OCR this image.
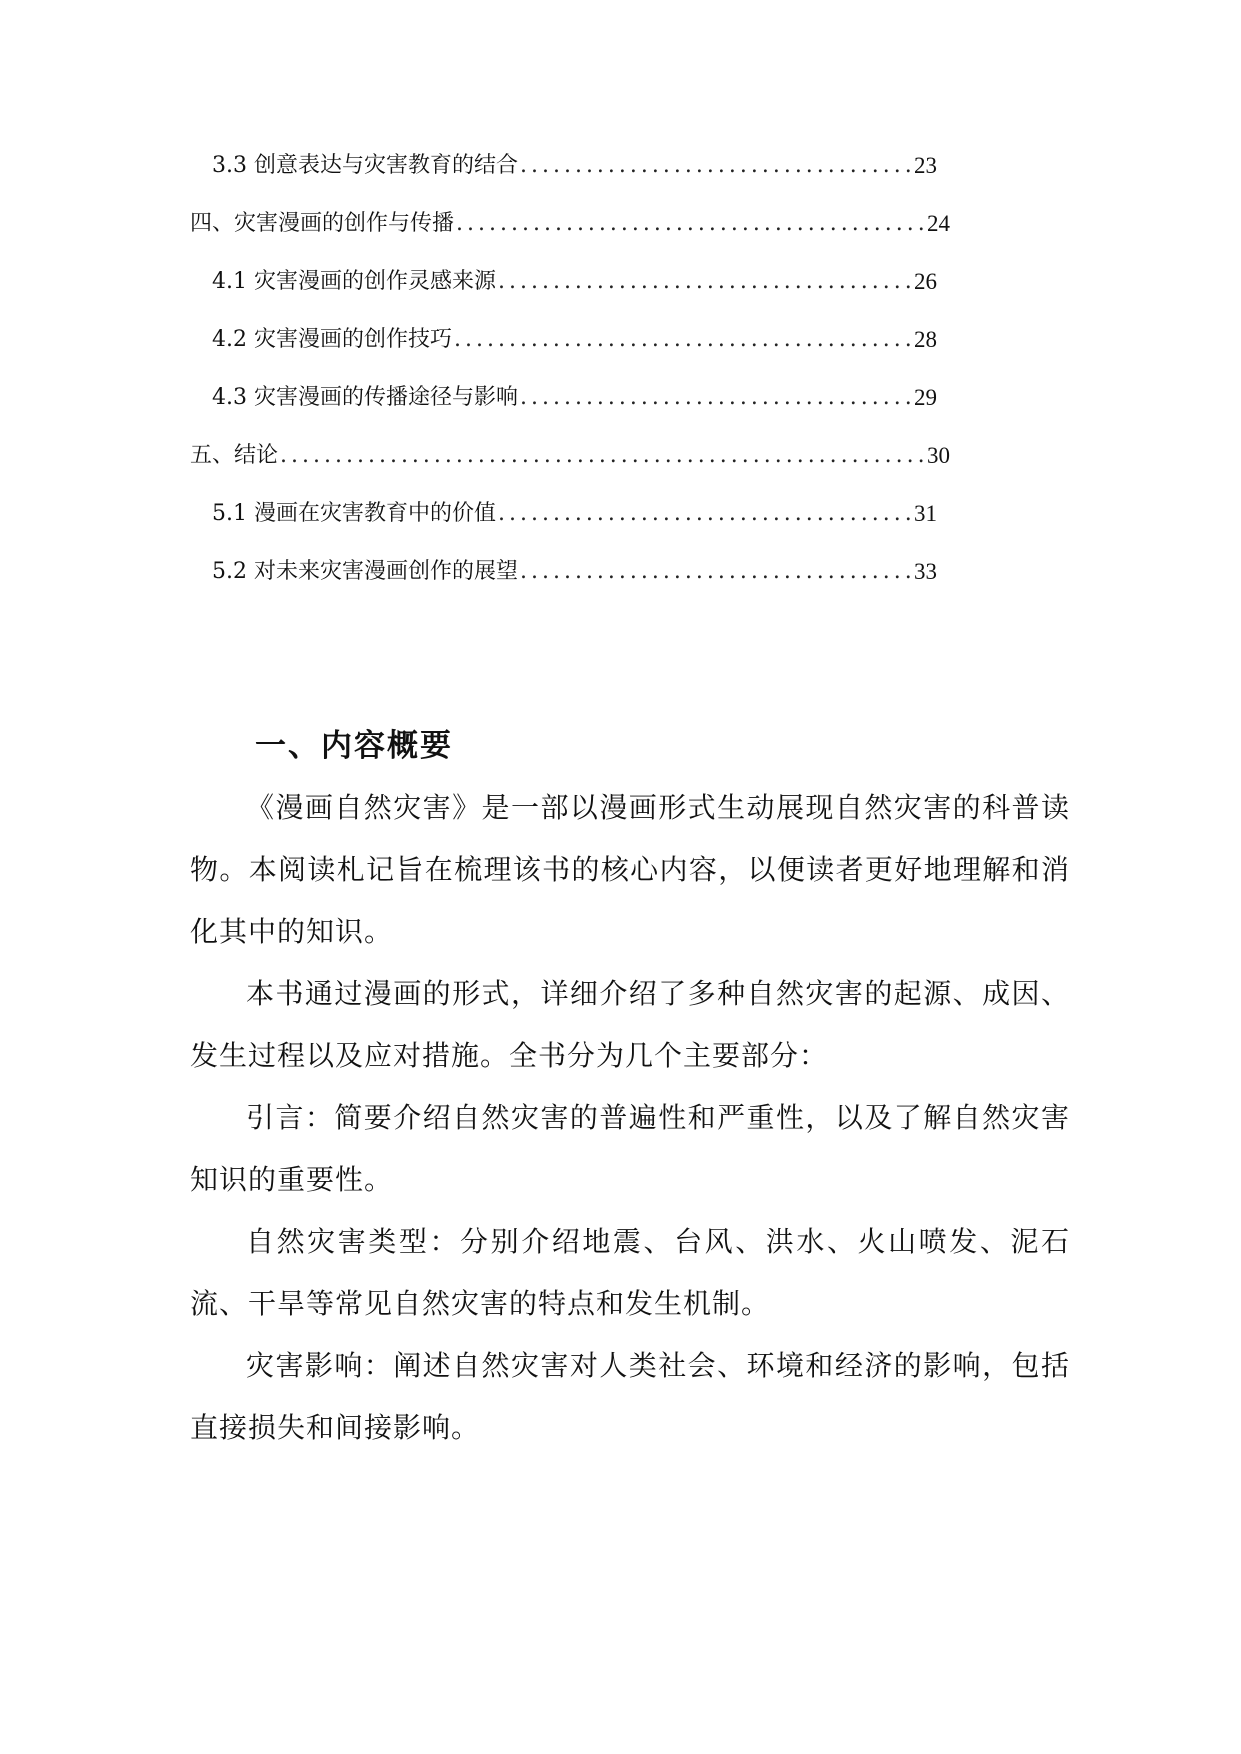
3.3 创意表达与灾害教育的结合 .....	23
四、灾害漫画的创作与传播 .....	24
4.1 灾害漫画的创作灵感来源 .....	26
4.2 灾害漫画的创作技巧 .....	28
4.3 灾害漫画的传播途径与影响 .....	29
五、结论 .....	30
5.1 漫画在灾害教育中的价值 .....	31
5.2 对未来灾害漫画创作的展望 .....	33
一、内容概要

《漫画自然灾害》是一部以漫画形式生动展现自然灾害的科普读物。本阅读札记旨在梳理该书的核心内容，以便读者更好地理解和消化其中的知识。

本书通过漫画的形式，详细介绍了多种自然灾害的起源、成因、发生过程以及应对措施。全书分为几个主要部分：

引言：简要介绍自然灾害的普遍性和严重性，以及了解自然灾害知识的重要性。

自然灾害类型：分别介绍地震、台风、洪水、火山喷发、泥石流、干旱等常见自然灾害的特点和发生机制。

灾害影响：阐述自然灾害对人类社会、环境和经济的影响，包括直接损失和间接影响。
